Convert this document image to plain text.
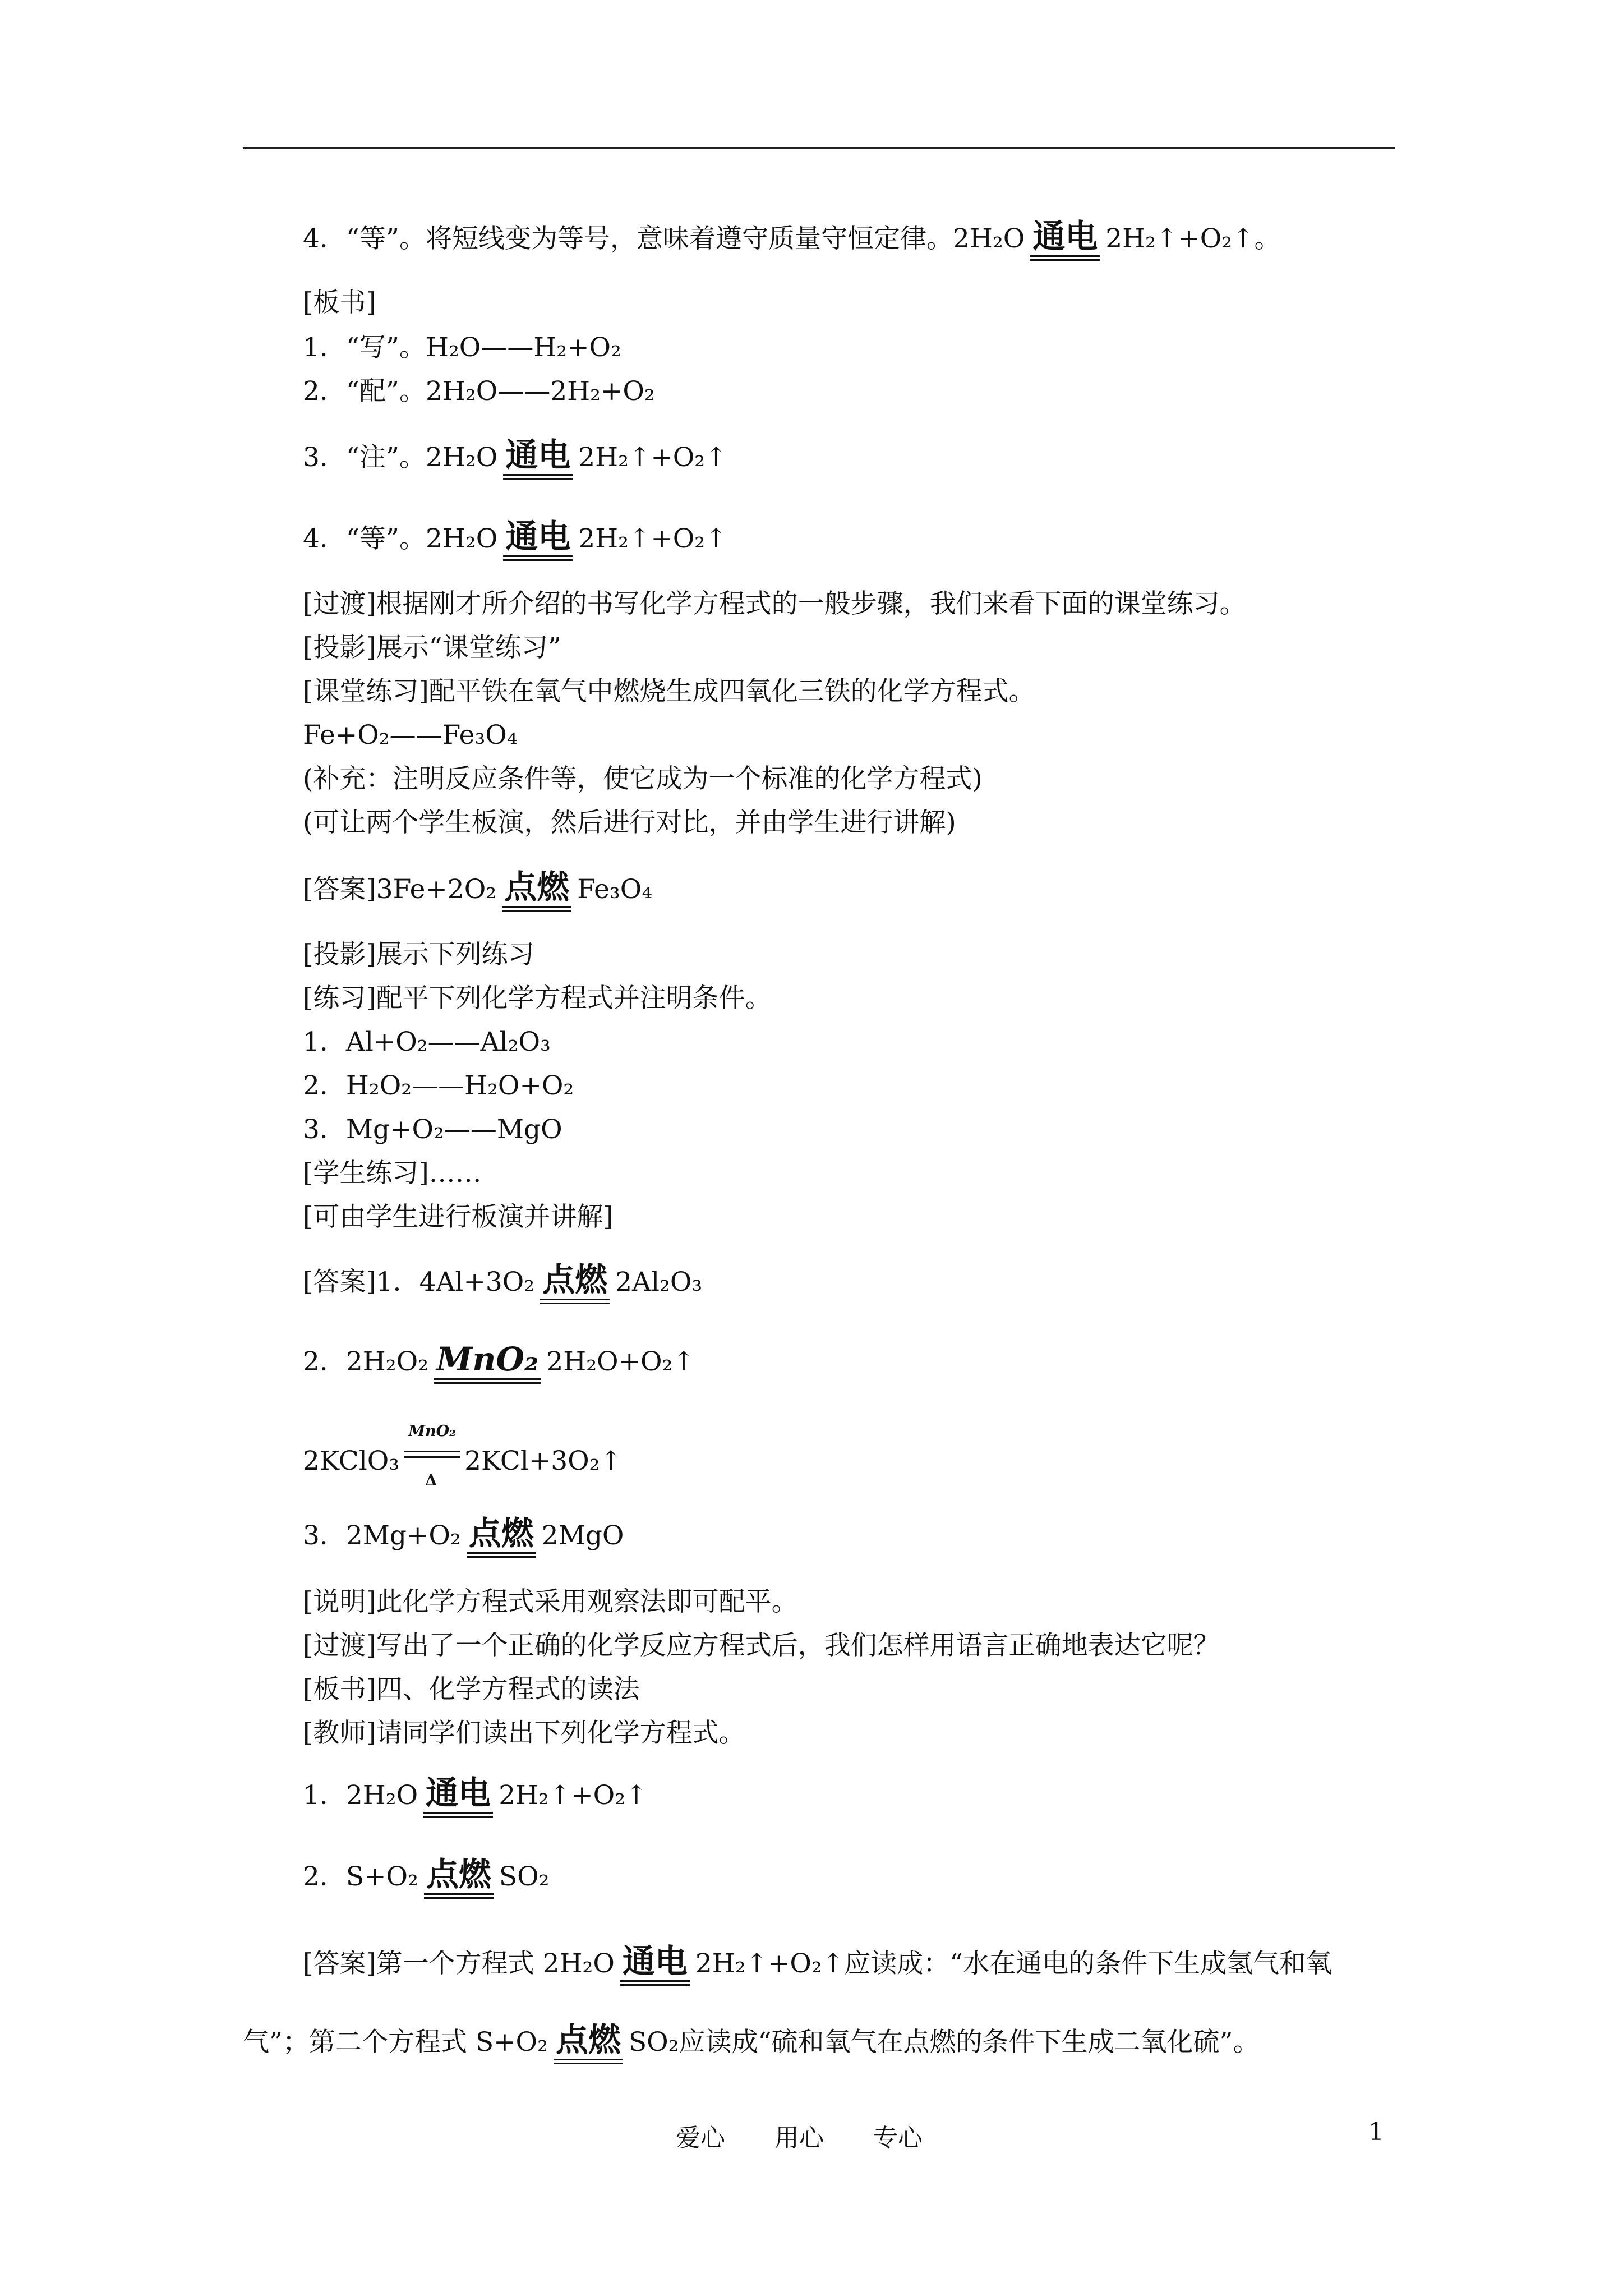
4．“等”。将短线变为等号，意味着遵守质量守恒定律。2H₂O 通电 2H₂↑+O₂↑。
[板书]
1．“写”。H₂O——H₂+O₂
2．“配”。2H₂O——2H₂+O₂
3．“注”。2H₂O 通电 2H₂↑+O₂↑
4．“等”。2H₂O 通电 2H₂↑+O₂↑
[过渡]根据刚才所介绍的书写化学方程式的一般步骤，我们来看下面的课堂练习。
[投影]展示“课堂练习”
[课堂练习]配平铁在氧气中燃烧生成四氧化三铁的化学方程式。
Fe+O₂——Fe₃O₄
(补充：注明反应条件等，使它成为一个标准的化学方程式)
(可让两个学生板演，然后进行对比，并由学生进行讲解)
[答案]3Fe+2O₂ 点燃 Fe₃O₄
[投影]展示下列练习
[练习]配平下列化学方程式并注明条件。
1．Al+O₂——Al₂O₃
2．H₂O₂——H₂O+O₂
3．Mg+O₂——MgO
[学生练习]……
[可由学生进行板演并讲解]
[答案]1．4Al+3O₂ 点燃 2Al₂O₃
2．2H₂O₂ MnO₂ 2H₂O+O₂↑
2KClO₃
MnO₂
Δ
2KCl+3O₂↑
3．2Mg+O₂ 点燃 2MgO
[说明]此化学方程式采用观察法即可配平。
[过渡]写出了一个正确的化学反应方程式后，我们怎样用语言正确地表达它呢？
[板书]四、化学方程式的读法
[教师]请同学们读出下列化学方程式。
1．2H₂O 通电 2H₂↑+O₂↑
2．S+O₂ 点燃 SO₂
[答案]第一个方程式 2H₂O 通电 2H₂↑+O₂↑应读成：“水在通电的条件下生成氢气和氧
气”；第二个方程式 S+O₂ 点燃 SO₂应读成“硫和氧气在点燃的条件下生成二氧化硫”。
爱心　　用心　　专心	1
